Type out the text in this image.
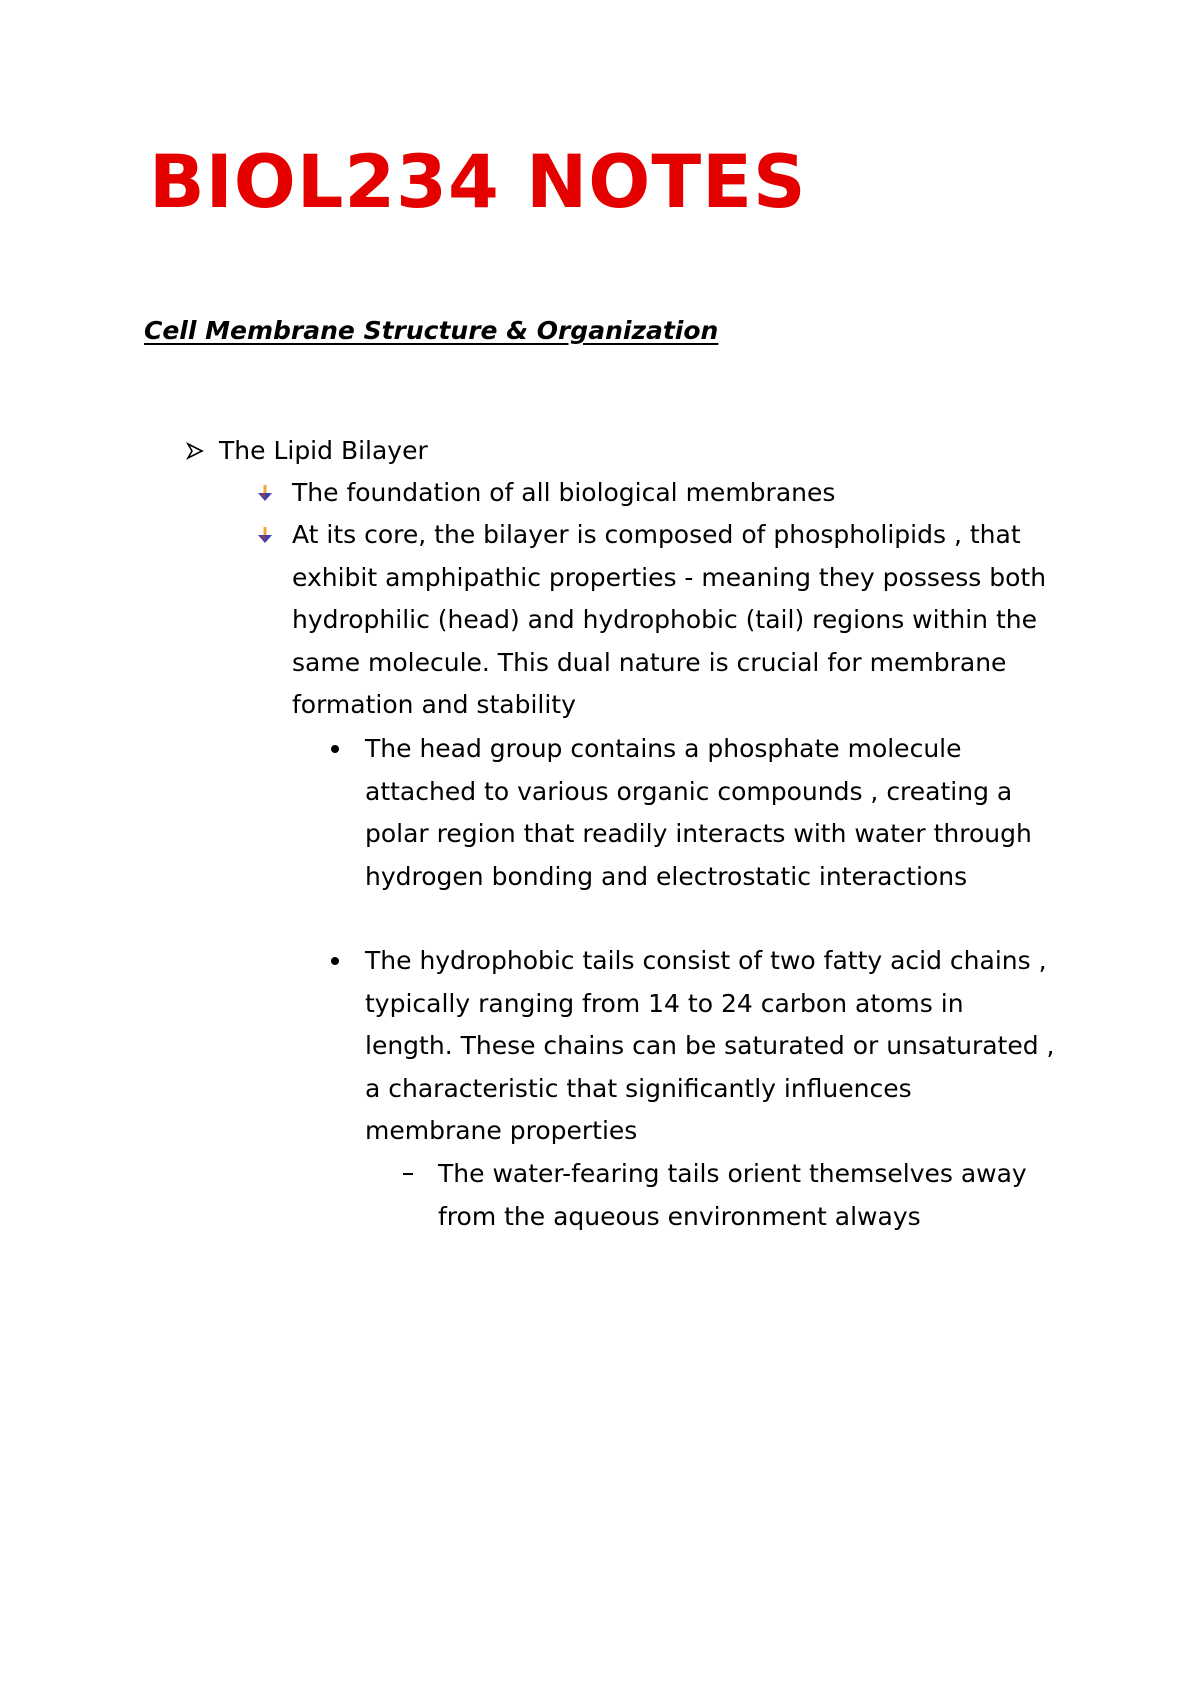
BIOL234 NOTES
Cell Membrane Structure & Organization
The Lipid Bilayer
The foundation of all biological membranes
At its core, the bilayer is composed of phospholipids , that exhibit amphipathic properties - meaning they possess both hydrophilic (head) and hydrophobic (tail) regions within the same molecule. This dual nature is crucial for membrane formation and stability
The head group contains a phosphate molecule attached to various organic compounds , creating a polar region that readily interacts with water through hydrogen bonding and electrostatic interactions
The hydrophobic tails consist of two fatty acid chains , typically ranging from 14 to 24 carbon atoms in length. These chains can be saturated or unsaturated , a characteristic that significantly influences membrane properties
The water-fearing tails orient themselves away from the aqueous environment always
